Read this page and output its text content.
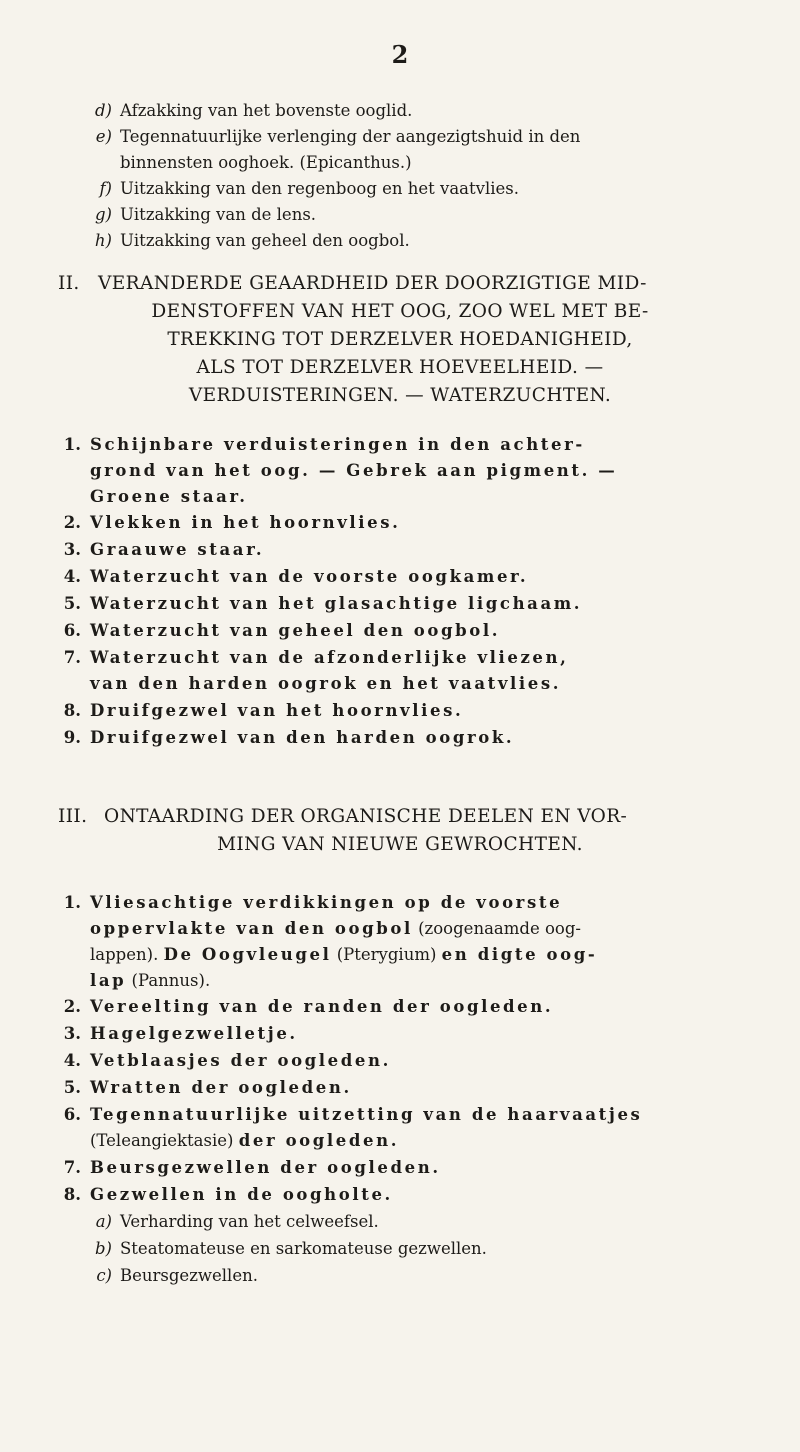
2
d) Afzakking van het bovenste ooglid.
e) Tegennatuurlijke verlenging der aangezigtshuid in den
binnensten ooghoek. (Epicanthus.)
f) Uitzakking van den regenboog en het vaatvlies.
g) Uitzakking van de lens.
h) Uitzakking van geheel den oogbol.
II. VERANDERDE GEAARDHEID DER DOORZIGTIGE MID-
DENSTOFFEN VAN HET OOG, ZOO WEL MET BE-
TREKKING TOT DERZELVER HOEDANIGHEID,
ALS TOT DERZELVER HOEVEELHEID. —
VERDUISTERINGEN. — WATERZUCHTEN.
1. Schijnbare verduisteringen in den achter-
grond van het oog. — Gebrek aan pigment. —
Groene staar.
2. Vlekken in het hoornvlies.
3. Graauwe staar.
4. Waterzucht van de voorste oogkamer.
5. Waterzucht van het glasachtige ligchaam.
6. Waterzucht van geheel den oogbol.
7. Waterzucht van de afzonderlijke vliezen,
van den harden oogrok en het vaatvlies.
8. Druifgezwel van het hoornvlies.
9. Druifgezwel van den harden oogrok.
III. ONTAARDING DER ORGANISCHE DEELEN EN VOR-
MING VAN NIEUWE GEWROCHTEN.
1. Vliesachtige verdikkingen op de voorste
oppervlakte van den oogbol (zoogenaamde oog-
lappen). De Oogvleugel (Pterygium) en digte oog-
lap (Pannus).
2. Vereelting van de randen der oogleden.
3. Hagelgezwelletje.
4. Vetblaasjes der oogleden.
5. Wratten der oogleden.
6. Tegennatuurlijke uitzetting van de haarvaatjes
(Teleangiektasie) der oogleden.
7. Beursgezwellen der oogleden.
8. Gezwellen in de oogholte.
a) Verharding van het celweefsel.
b) Steatomateuse en sarkomateuse gezwellen.
c) Beursgezwellen.
